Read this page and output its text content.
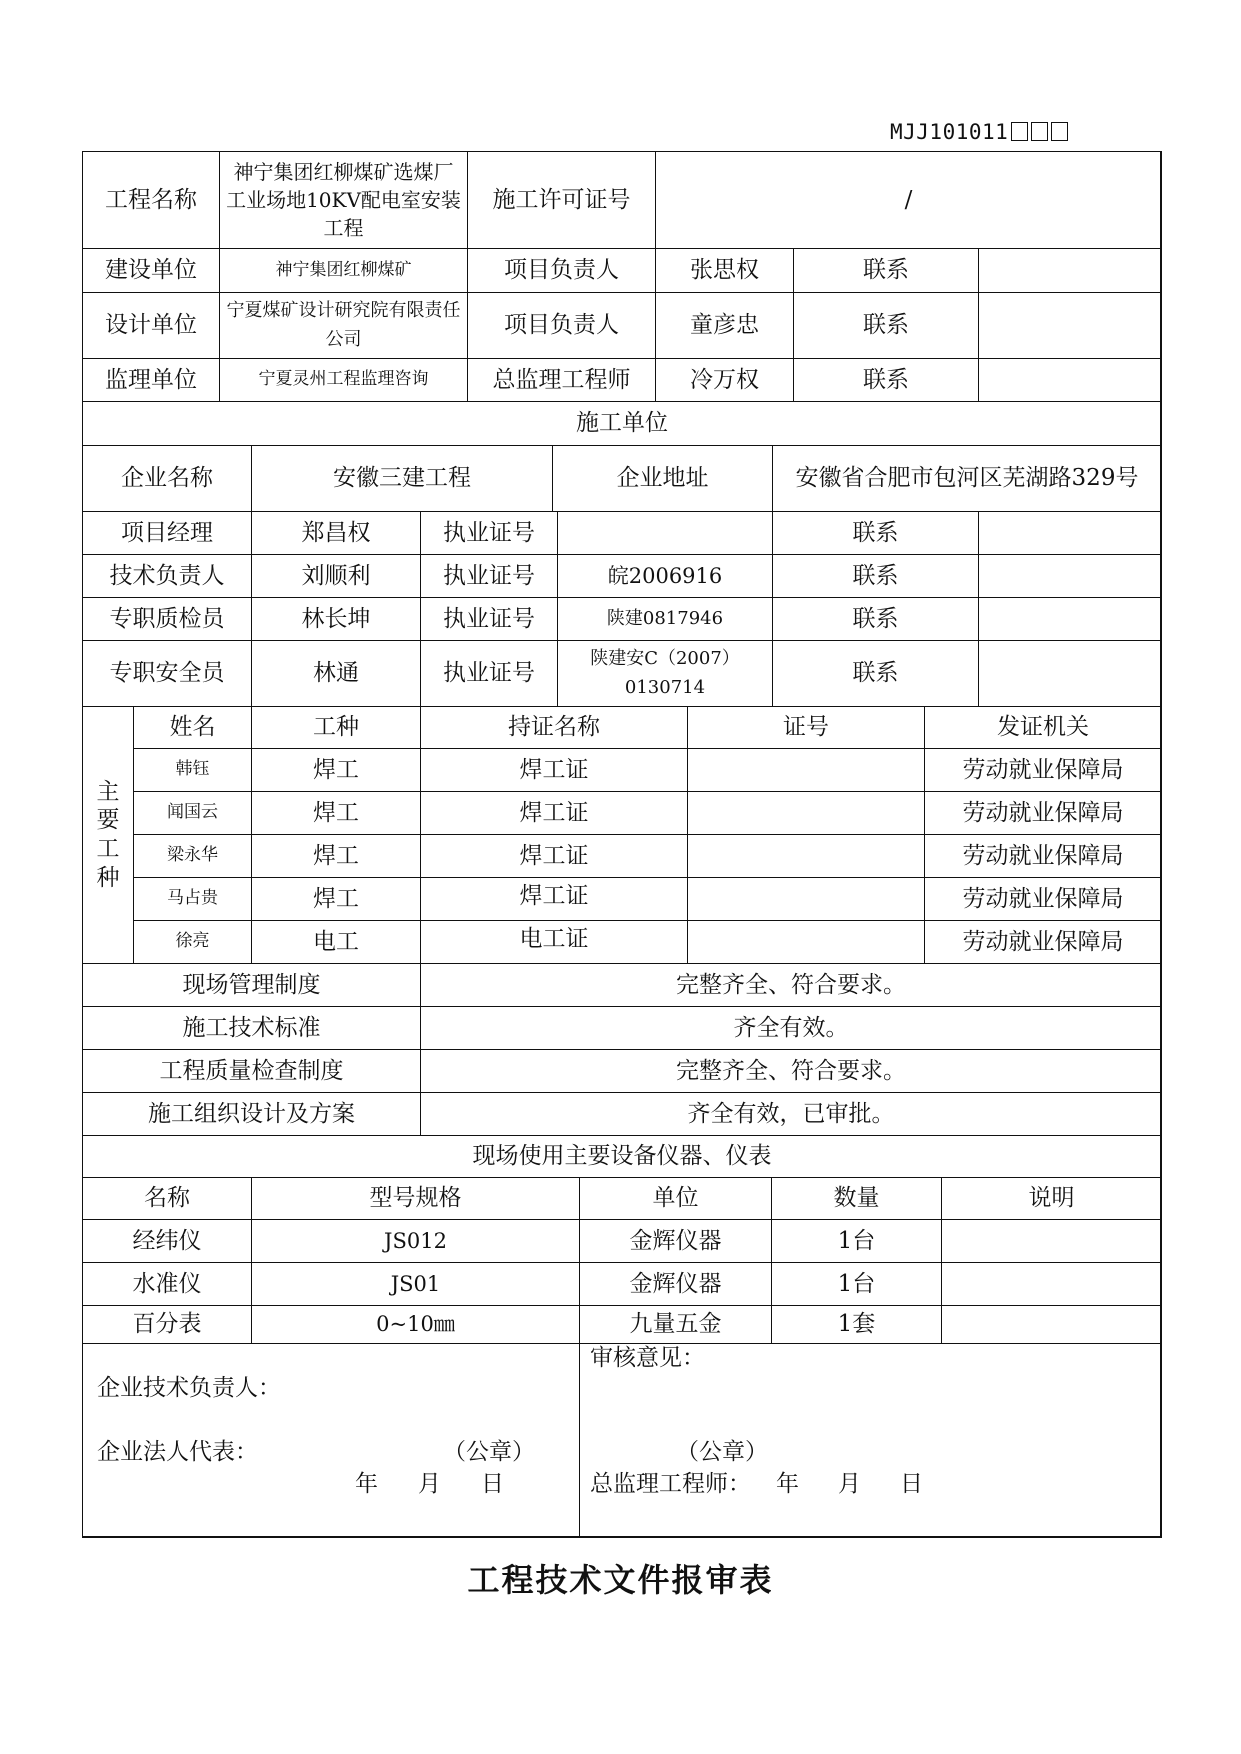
MJJ101011
工程名称	神宁集团红柳煤矿选煤厂工业场地10KV配电室安装工程	施工许可证号	/		
建设单位	神宁集团红柳煤矿	项目负责人	张思权	联系	
设计单位	宁夏煤矿设计研究院有限责任公司	项目负责人	童彦忠	联系	
监理单位	宁夏灵州工程监理咨询	总监理工程师	冷万权	联系	
施工单位					
企业名称	安徽三建工程	企业地址	安徽省合肥市包河区芜湖路329号
项目经理	郑昌权	执业证号		联系	
技术负责人	刘顺利	执业证号	皖2006916	联系	
专职质检员	林长坤	执业证号	陕建0817946	联系	
专职安全员	林通	执业证号	陕建安C（2007）0130714	联系	
主要工种	姓名	工种	持证名称	证号	发证机关
	韩钰	焊工	焊工证		劳动就业保障局
	闻国云	焊工	焊工证		劳动就业保障局
	梁永华	焊工	焊工证		劳动就业保障局
	马占贵	焊工	焊工证		劳动就业保障局
	徐亮	电工	电工证		劳动就业保障局
现场管理制度	完整齐全、符合要求。
施工技术标准	齐全有效。
工程质量检查制度	完整齐全、符合要求。
施工组织设计及方案	齐全有效，已审批。
现场使用主要设备仪器、仪表	
名称	型号规格	单位	数量	说明
经纬仪	JS012	金辉仪器	1台	
水准仪	JS01	金辉仪器	1台	
百分表	0~10㎜	九量五金	1套	
企业技术负责人：
企业法人代表：	（公章）
年 月 日

审核意见：
（公章）
总监理工程师： 年 月 日
工程技术文件报审表
